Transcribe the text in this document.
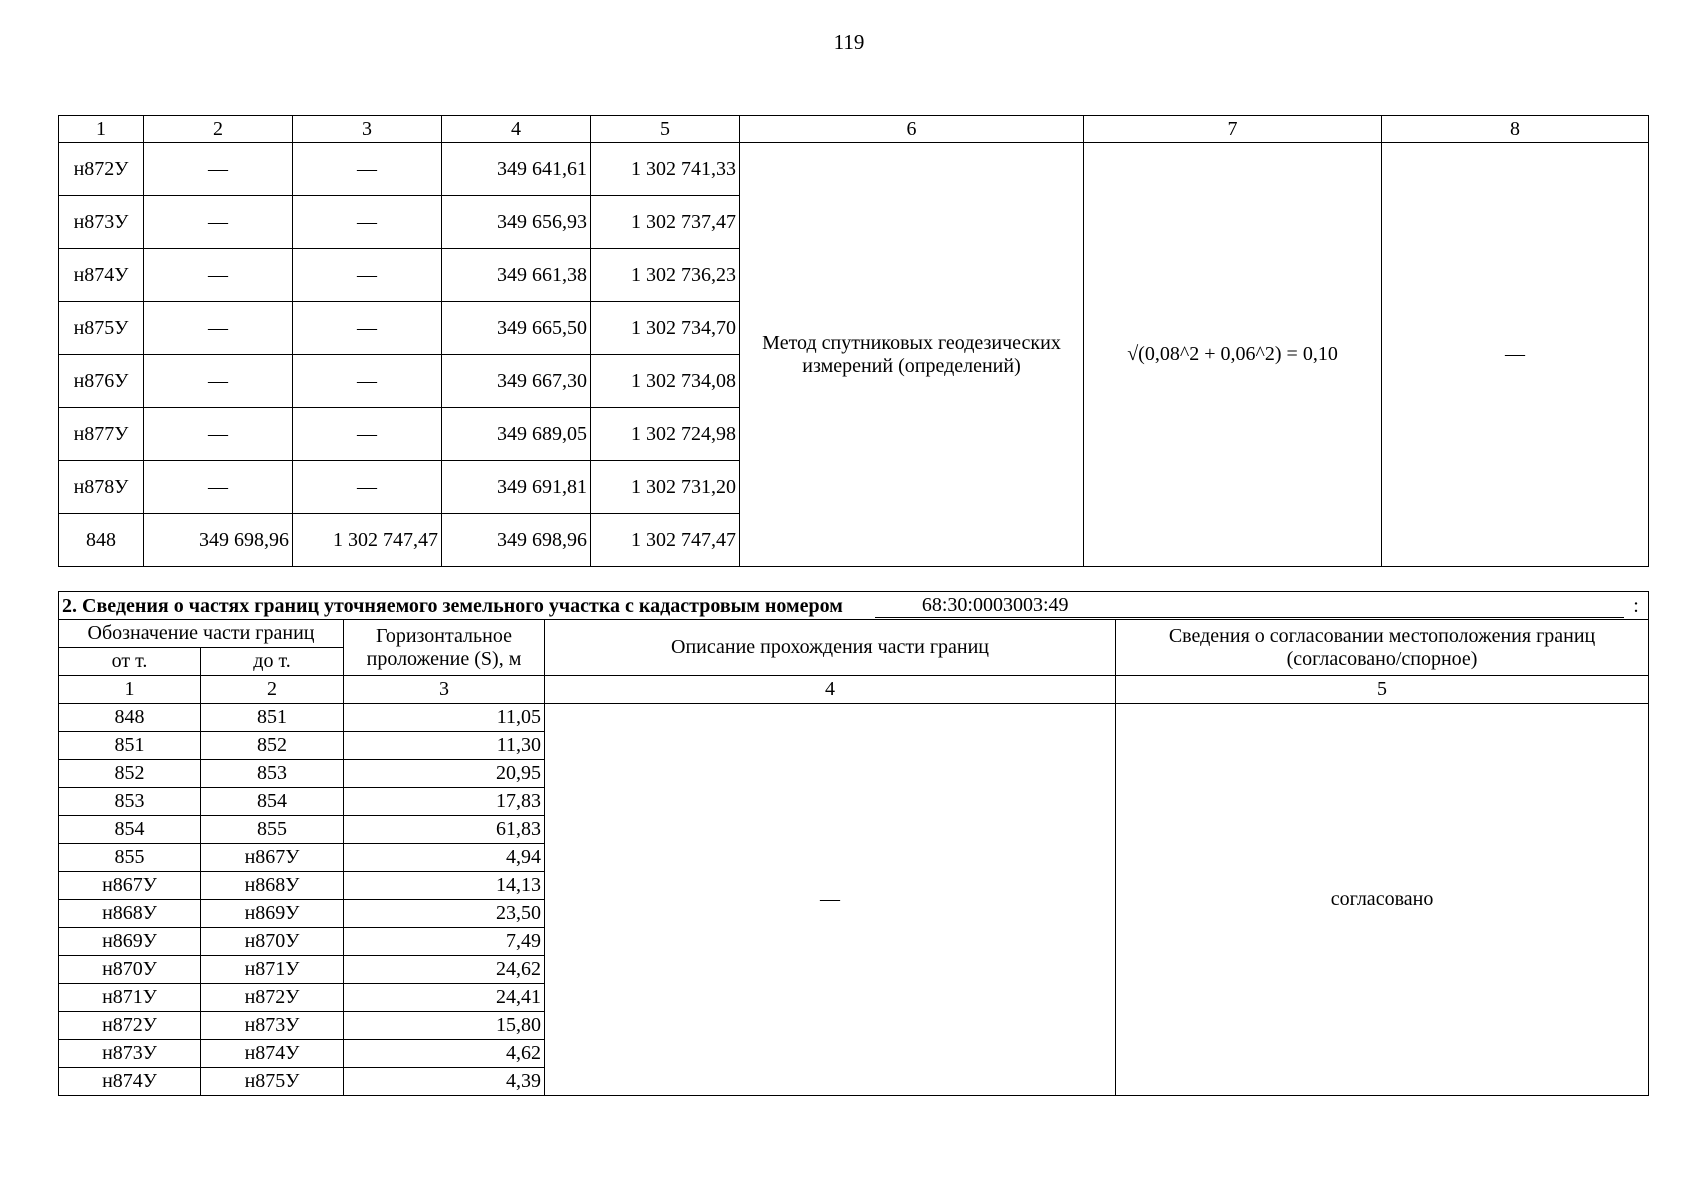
119
1	2	3	4	5	6	7	8
н872У	—	—	349 641,61	1 302 741,33	Метод спутниковых геодезических измерений (определений)	√(0,08^2 + 0,06^2) = 0,10	—
н873У	—	—	349 656,93	1 302 737,47			
н874У	—	—	349 661,38	1 302 736,23			
н875У	—	—	349 665,50	1 302 734,70			
н876У	—	—	349 667,30	1 302 734,08			
н877У	—	—	349 689,05	1 302 724,98			
н878У	—	—	349 691,81	1 302 731,20			
848	349 698,96	1 302 747,47	349 698,96	1 302 747,47			
2. Сведения о частях границ уточняемого земельного участка с кадастровым номером 68:30:0003003:49				:

Обозначение части границ		Горизонтальное проложение (S), м	Описание прохождения части границ	Сведения о согласовании местоположения границ (согласовано/спорное)
от т.	до т.			
1	2	3	4	5
848	851	11,05	—	согласовано
851	852	11,30		
852	853	20,95		
853	854	17,83		
854	855	61,83		
855	н867У	4,94		
н867У	н868У	14,13		
н868У	н869У	23,50		
н869У	н870У	7,49		
н870У	н871У	24,62		
н871У	н872У	24,41		
н872У	н873У	15,80		
н873У	н874У	4,62		
н874У	н875У	4,39		
